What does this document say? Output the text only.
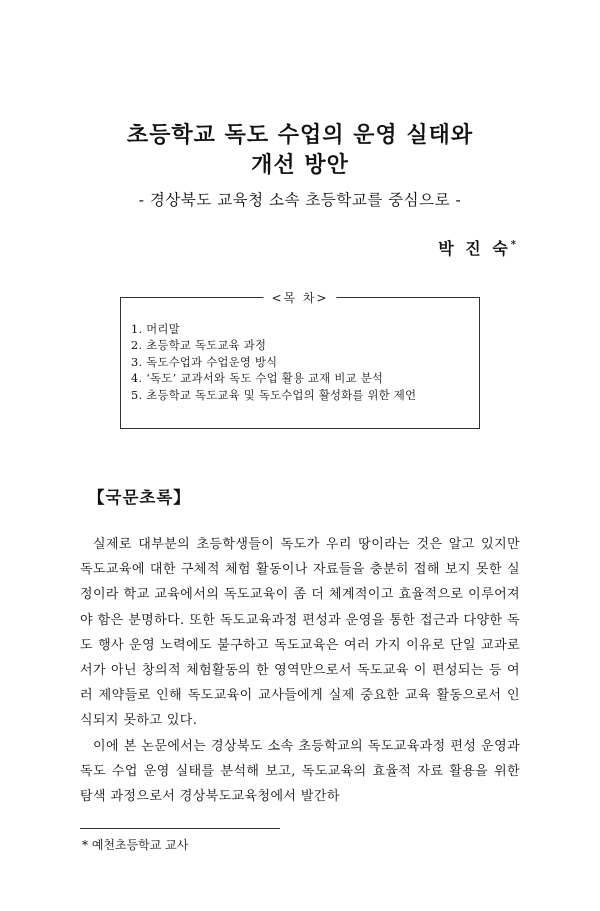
초등학교 독도 수업의 운영 실태와
개선 방안
- 경상북도 교육청 소속 초등학교를 중심으로 -
박 진 숙*
<목 차>
1. 머리말
2. 초등학교 독도교육 과정
3. 독도수업과 수업운영 방식
4. ‘독도’ 교과서와 독도 수업 활용 교재 비교 분석
5. 초등학교 독도교육 및 독도수업의 활성화를 위한 제언
【국문초록】

실제로 대부분의 초등학생들이 독도가 우리 땅이라는 것은 알고 있지만 독도교육에 대한 구체적 체험 활동이나 자료들을 충분히 접해 보지 못한 실정이라 학교 교육에서의 독도교육이 좀 더 체계적이고 효율적으로 이루어져야 함은 분명하다. 또한 독도교육과정 편성과 운영을 통한 접근과 다양한 독도 행사 운영 노력에도 불구하고 독도교육은 여러 가지 이유로 단일 교과로서가 아닌 창의적 체험활동의 한 영역만으로서 독도교육 이 편성되는 등 여러 제약들로 인해 독도교육이 교사들에게 실제 중요한 교육 활동으로서 인식되지 못하고 있다.

이에 본 논문에서는 경상북도 소속 초등학교의 독도교육과정 편성 운영과 독도 수업 운영 실태를 분석해 보고, 독도교육의 효율적 자료 활용을 위한 탐색 과정으로서 경상북도교육청에서 발간하

* 예천초등학교 교사
